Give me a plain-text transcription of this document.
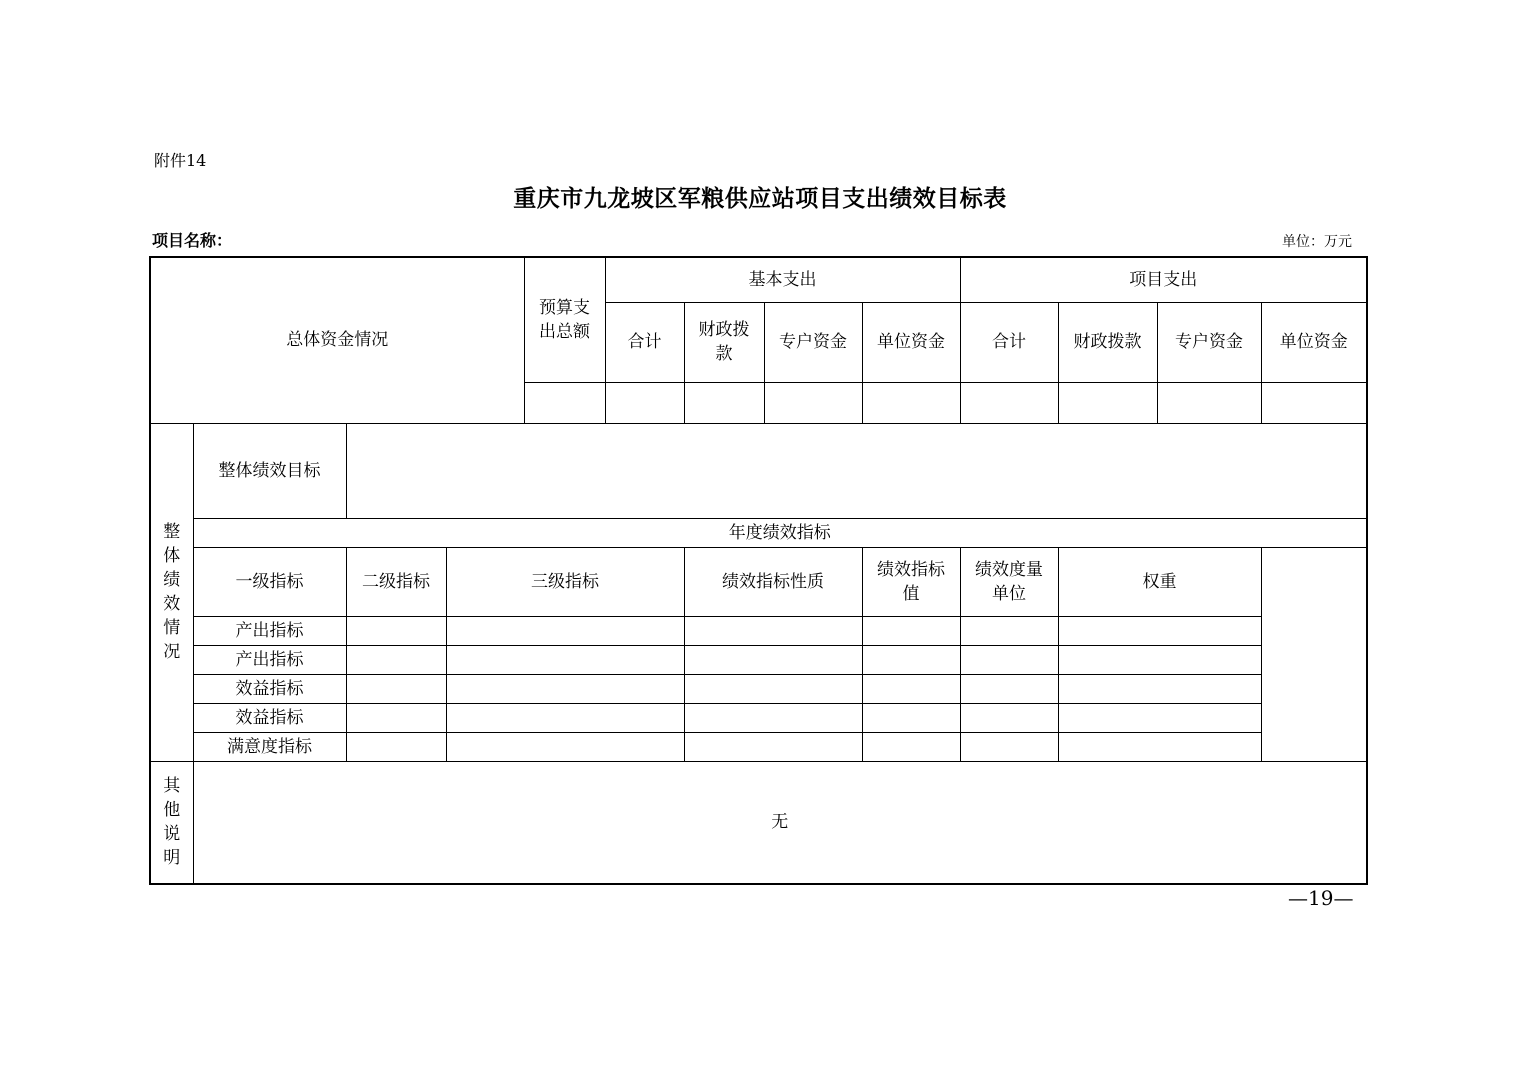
附件14
重庆市九龙坡区军粮供应站项目支出绩效目标表
项目名称：	单位：万元
总体资金情况				预算支出总额	基本支出				项目支出			
					合计	财政拨款	专户资金	单位资金	合计	财政拨款	专户资金	单位资金

整体绩效情况	整体绩效目标											
	年度绩效指标											
	一级指标	二级指标	三级指标			绩效指标性质		绩效指标值	绩效度量单位	权重		
	产出指标											
	产出指标											
	效益指标											
	效益指标											
	满意度指标											

其他说明	无											
—19—
